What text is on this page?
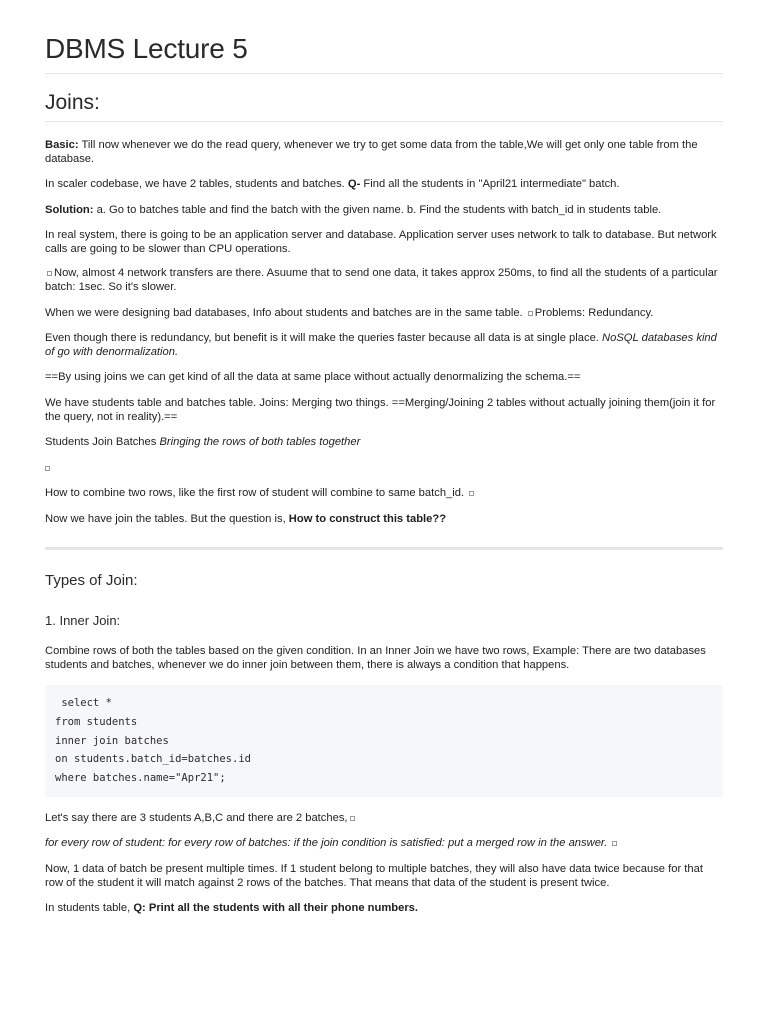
DBMS Lecture 5
Joins:

Basic: Till now whenever we do the read query, whenever we try to get some data from the table,We will get only one table from the database.

In scaler codebase, we have 2 tables, students and batches. Q- Find all the students in "April21 intermediate" batch.

Solution: a. Go to batches table and find the batch with the given name. b. Find the students with batch_id in students table.

In real system, there is going to be an application server and database. Application server uses network to talk to database. But network calls are going to be slower than CPU operations.

Now, almost 4 network transfers are there. Asuume that to send one data, it takes approx 250ms, to find all the students of a particular batch: 1sec. So it's slower.

When we were designing bad databases, Info about students and batches are in the same table. Problems: Redundancy.

Even though there is redundancy, but benefit is it will make the queries faster because all data is at single place. NoSQL databases kind of go with denormalization.

==By using joins we can get kind of all the data at same place without actually denormalizing the schema.==

We have students table and batches table. Joins: Merging two things. ==Merging/Joining 2 tables without actually joining them(join it for the query, not in reality).==

Students Join Batches Bringing the rows of both tables together

How to combine two rows, like the first row of student will combine to same batch_id.

Now we have join the tables. But the question is, How to construct this table??

Types of Join:
1. Inner Join:

Combine rows of both the tables based on the given condition. In an Inner Join we have two rows, Example: There are two databases students and batches, whenever we do inner join between them, there is always a condition that happens.

select *
from students
inner join batches
on students.batch_id=batches.id
where batches.name="Apr21";

Let's say there are 3 students A,B,C and there are 2 batches,

for every row of student: for every row of batches: if the join condition is satisfied: put a merged row in the answer.

Now, 1 data of batch be present multiple times. If 1 student belong to multiple batches, they will also have data twice because for that row of the student it will match against 2 rows of the batches. That means that data of the student is present twice.

In students table, Q: Print all the students with all their phone numbers.
